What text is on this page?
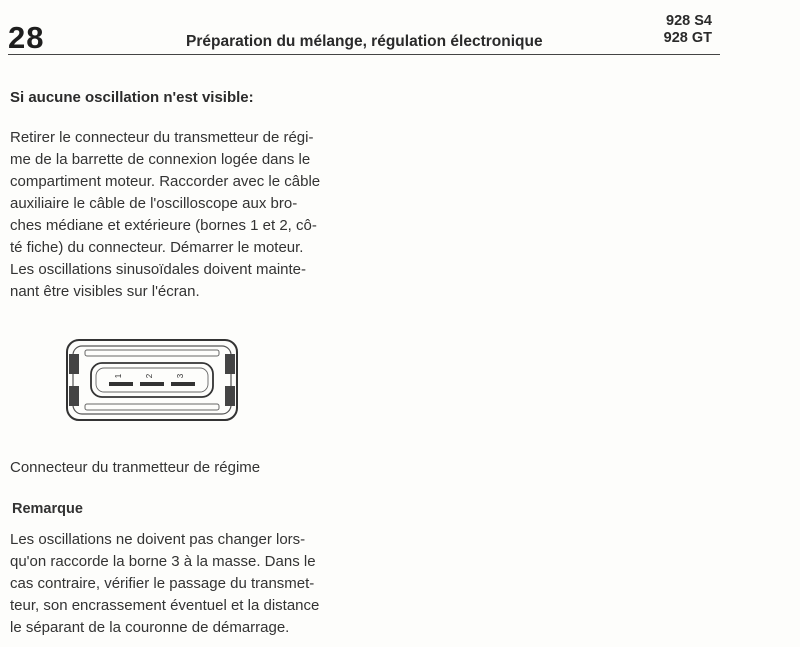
28	Préparation du mélange, régulation électronique
928 S4
928 GT
Si aucune oscillation n'est visible:

Retirer le connecteur du transmetteur de régi-
me de la barrette de connexion logée dans le
compartiment moteur. Raccorder avec le câble
auxiliaire le câble de l'oscilloscope aux bro-
ches médiane et extérieure (bornes 1 et 2, cô-
té fiche) du connecteur. Démarrer le moteur.
Les oscillations sinusoïdales doivent mainte-
nant être visibles sur l'écran.

1	2	3
Connecteur du tranmetteur de régime
Remarque

Les oscillations ne doivent pas changer lors-
qu'on raccorde la borne 3 à la masse. Dans le
cas contraire, vérifier le passage du transmet-
teur, son encrassement éventuel et la distance
le séparant de la couronne de démarrage.
